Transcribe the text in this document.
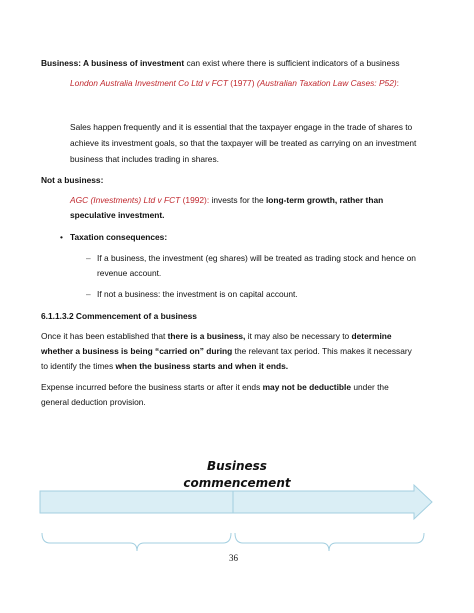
Business: A business of investment can exist where there is sufficient indicators of a business
London Australia Investment Co Ltd v FCT (1977) (Australian Taxation Law Cases: P52):
Sales happen frequently and it is essential that the taxpayer engage in the trade of shares to
achieve its investment goals, so that the taxpayer will be treated as carrying on an investment
business that includes trading in shares.
Not a business:
AGC (Investments) Ltd v FCT (1992): invests for the long-term growth, rather than
speculative investment.
• Taxation consequences:
– If a business, the investment (eg shares) will be treated as trading stock and hence on
revenue account.
– If not a business: the investment is on capital account.
6.1.1.3.2 Commencement of a business
Once it has been established that there is a business, it may also be necessary to determine
whether a business is being “carried on” during the relevant tax period. This makes it necessary
to identify the times when the business starts and when it ends.
Expense incurred before the business starts or after it ends may not be deductible under the
general deduction provision.
Business
commencement
36
